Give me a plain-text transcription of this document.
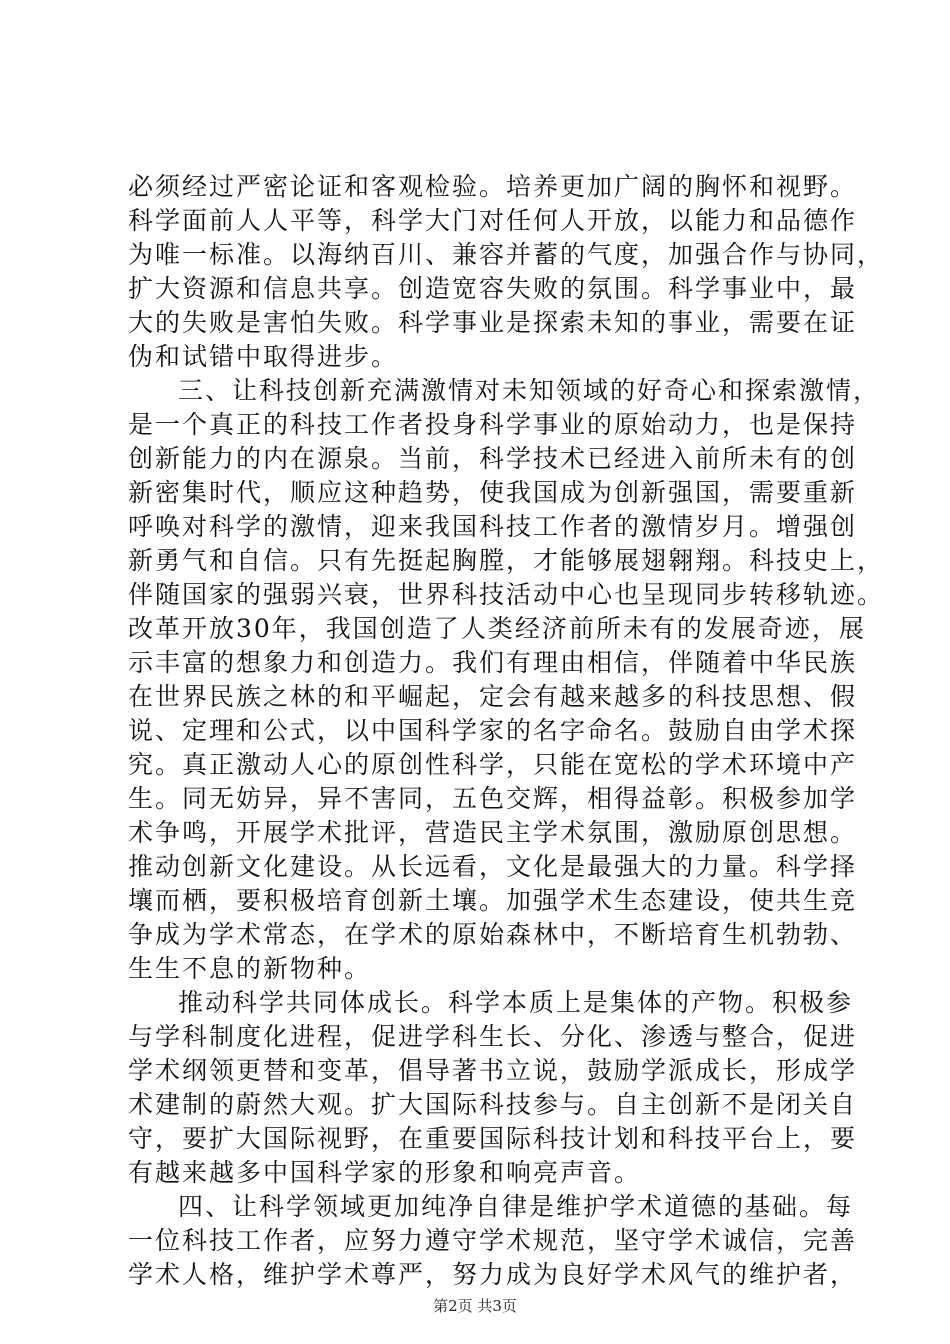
必须经过严密论证和客观检验。培养更加广阔的胸怀和视野。
科学面前人人平等，科学大门对任何人开放，以能力和品德作
为唯一标准。以海纳百川、兼容并蓄的气度，加强合作与协同，
扩大资源和信息共享。创造宽容失败的氛围。科学事业中，最
大的失败是害怕失败。科学事业是探索未知的事业，需要在证
伪和试错中取得进步。
三、让科技创新充满激情对未知领域的好奇心和探索激情，
是一个真正的科技工作者投身科学事业的原始动力，也是保持
创新能力的内在源泉。当前，科学技术已经进入前所未有的创
新密集时代，顺应这种趋势，使我国成为创新强国，需要重新
呼唤对科学的激情，迎来我国科技工作者的激情岁月。增强创
新勇气和自信。只有先挺起胸膛，才能够展翅翱翔。科技史上，
伴随国家的强弱兴衰，世界科技活动中心也呈现同步转移轨迹。
改革开放30年，我国创造了人类经济前所未有的发展奇迹，展
示丰富的想象力和创造力。我们有理由相信，伴随着中华民族
在世界民族之林的和平崛起，定会有越来越多的科技思想、假
说、定理和公式，以中国科学家的名字命名。鼓励自由学术探
究。真正激动人心的原创性科学，只能在宽松的学术环境中产
生。同无妨异，异不害同，五色交辉，相得益彰。积极参加学
术争鸣，开展学术批评，营造民主学术氛围，激励原创思想。
推动创新文化建设。从长远看，文化是最强大的力量。科学择
壤而栖，要积极培育创新土壤。加强学术生态建设，使共生竞
争成为学术常态，在学术的原始森林中，不断培育生机勃勃、
生生不息的新物种。
推动科学共同体成长。科学本质上是集体的产物。积极参
与学科制度化进程，促进学科生长、分化、渗透与整合，促进
学术纲领更替和变革，倡导著书立说，鼓励学派成长，形成学
术建制的蔚然大观。扩大国际科技参与。自主创新不是闭关自
守，要扩大国际视野，在重要国际科技计划和科技平台上，要
有越来越多中国科学家的形象和响亮声音。
四、让科学领域更加纯净自律是维护学术道德的基础。每
一位科技工作者，应努力遵守学术规范，坚守学术诚信，完善
学术人格，维护学术尊严，努力成为良好学术风气的维护者，
第2页 共3页
